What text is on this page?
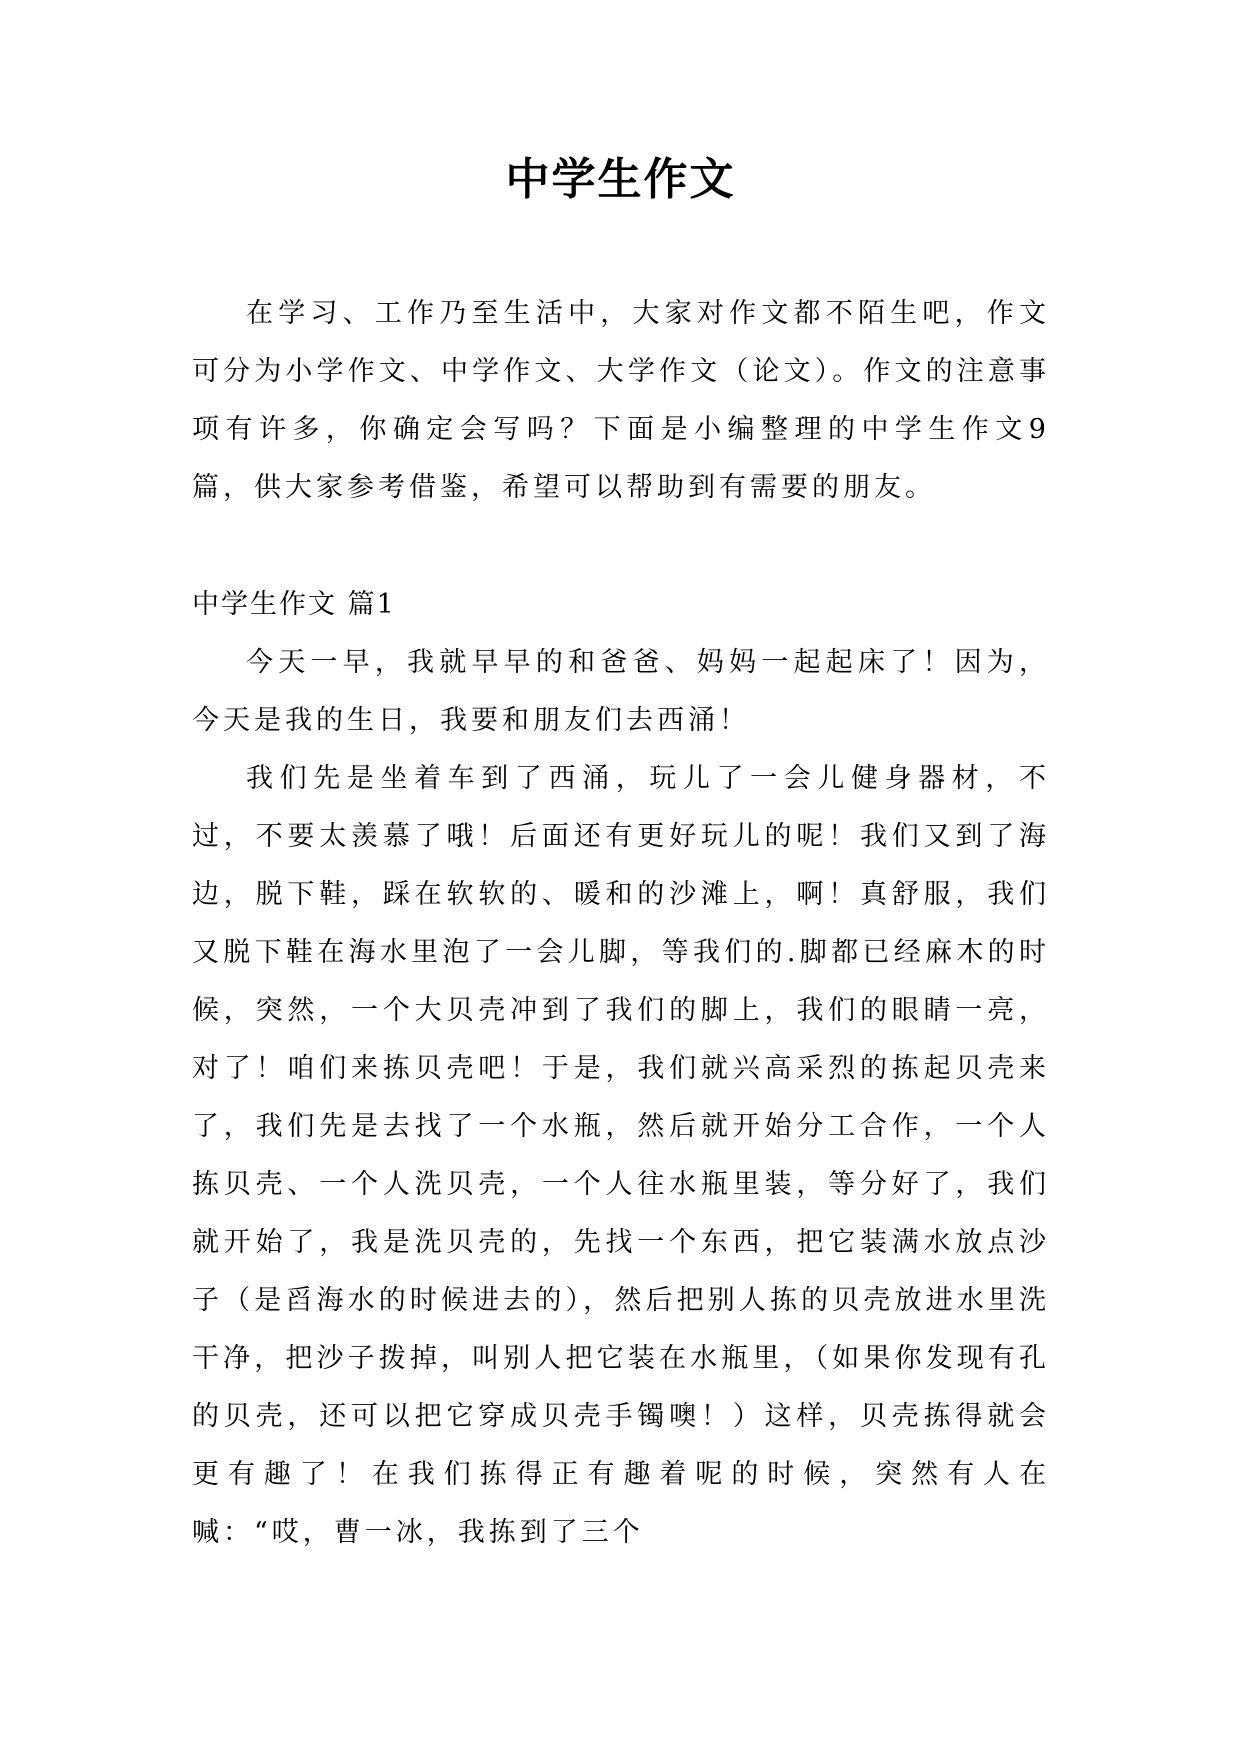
中学生作文

在学习、工作乃至生活中，大家对作文都不陌生吧，作文可分为小学作文、中学作文、大学作文（论文）。作文的注意事项有许多，你确定会写吗？下面是小编整理的中学生作文9篇，供大家参考借鉴，希望可以帮助到有需要的朋友。

中学生作文 篇1

今天一早，我就早早的和爸爸、妈妈一起起床了！因为，今天是我的生日，我要和朋友们去西涌！

我们先是坐着车到了西涌，玩儿了一会儿健身器材，不过，不要太羡慕了哦！后面还有更好玩儿的呢！我们又到了海边，脱下鞋，踩在软软的、暖和的沙滩上，啊！真舒服，我们又脱下鞋在海水里泡了一会儿脚，等我们的.脚都已经麻木的时候，突然，一个大贝壳冲到了我们的脚上，我们的眼睛一亮，对了！咱们来拣贝壳吧！于是，我们就兴高采烈的拣起贝壳来了，我们先是去找了一个水瓶，然后就开始分工合作，一个人拣贝壳、一个人洗贝壳，一个人往水瓶里装，等分好了，我们就开始了，我是洗贝壳的，先找一个东西，把它装满水放点沙子（是舀海水的时候进去的），然后把别人拣的贝壳放进水里洗干净，把沙子拨掉，叫别人把它装在水瓶里，（如果你发现有孔的贝壳，还可以把它穿成贝壳手镯噢！）这样，贝壳拣得就会更有趣了！在我们拣得正有趣着呢的时候，突然有人在喊：“哎，曹一冰，我拣到了三个
